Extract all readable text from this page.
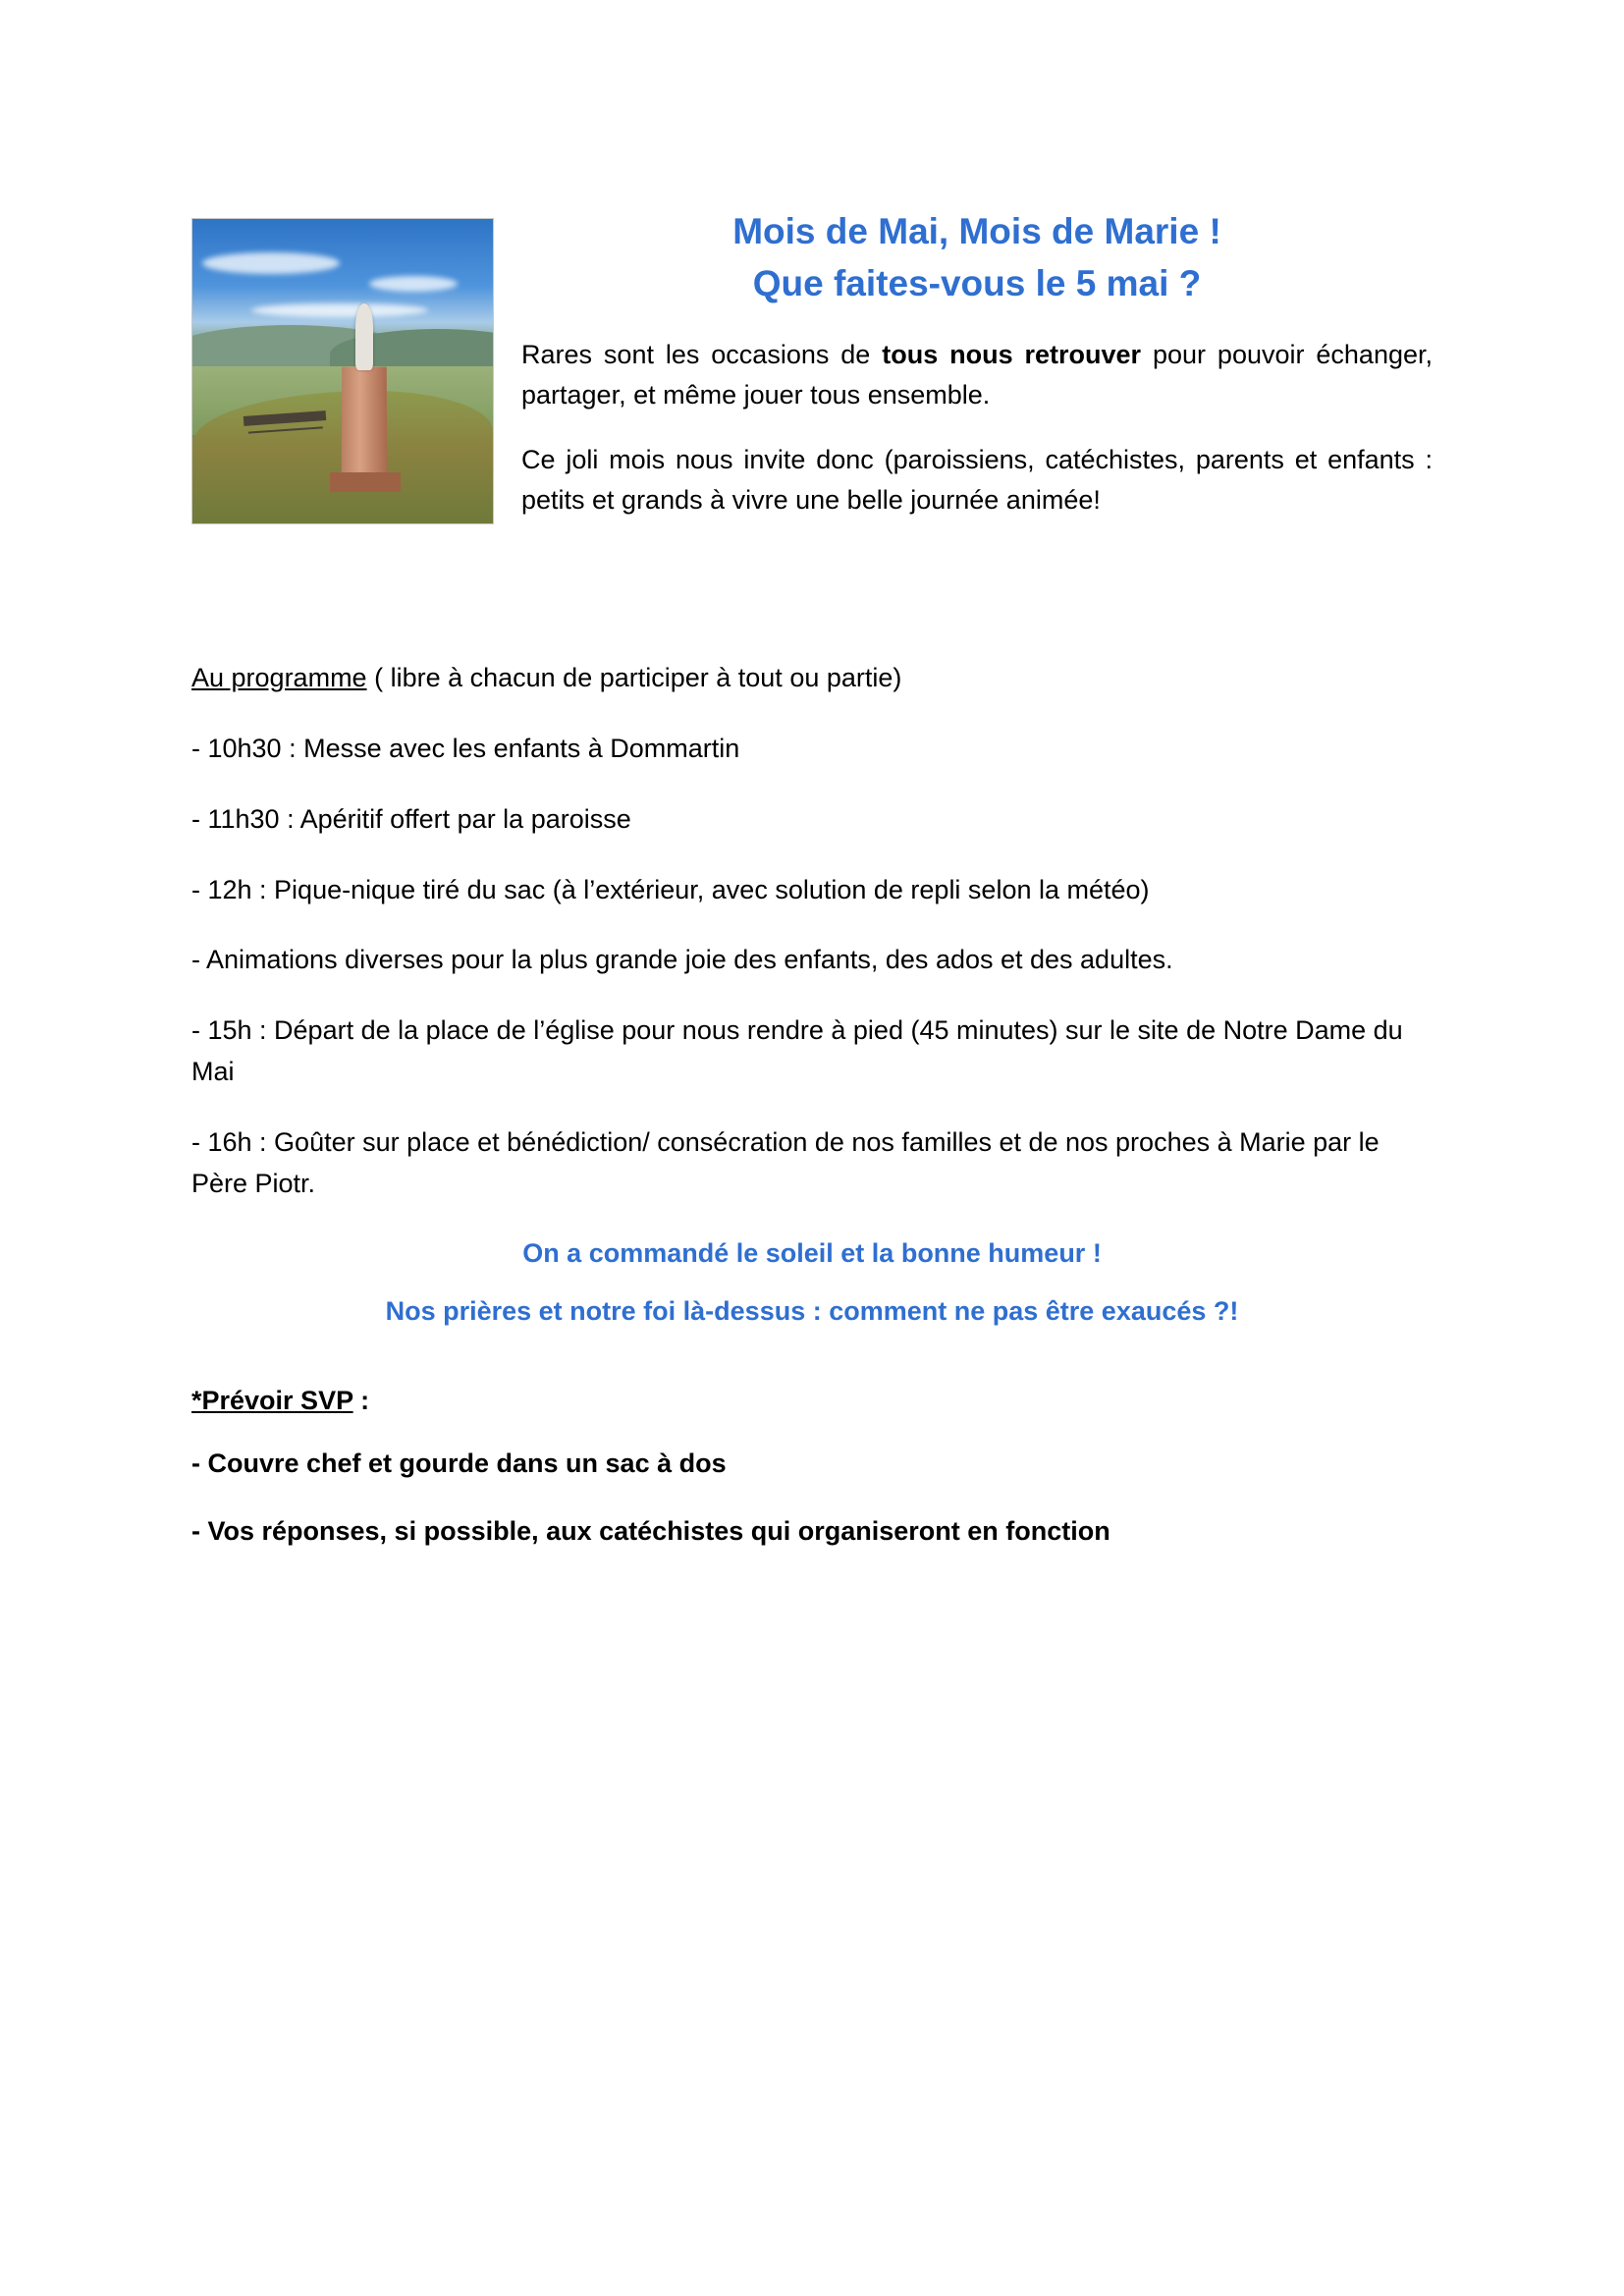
Mois de Mai, Mois de Marie !
Que faites-vous le 5 mai ?

Rares sont les occasions de tous nous retrouver pour pouvoir échanger, partager, et même jouer tous ensemble.

Ce joli mois nous invite donc (paroissiens, catéchistes, parents et enfants : petits et grands à vivre une belle journée animée!

Au programme ( libre à chacun de participer à tout ou partie)

- 10h30 : Messe avec les enfants à Dommartin

- 11h30 : Apéritif offert par la paroisse

- 12h : Pique-nique tiré du sac (à l’extérieur, avec solution de repli selon la météo)

- Animations diverses pour la plus grande joie des enfants, des ados et des adultes.

- 15h : Départ de la place de l’église pour nous rendre à pied (45 minutes) sur le site de Notre Dame du Mai

- 16h : Goûter sur place et bénédiction/ consécration de nos familles et de nos proches à Marie par le Père Piotr.

On a commandé le soleil et la bonne humeur !

Nos prières et notre foi là-dessus : comment ne pas être exaucés ?!

*Prévoir SVP :

- Couvre chef et gourde dans un sac à dos

- Vos réponses, si possible, aux catéchistes qui organiseront en fonction
